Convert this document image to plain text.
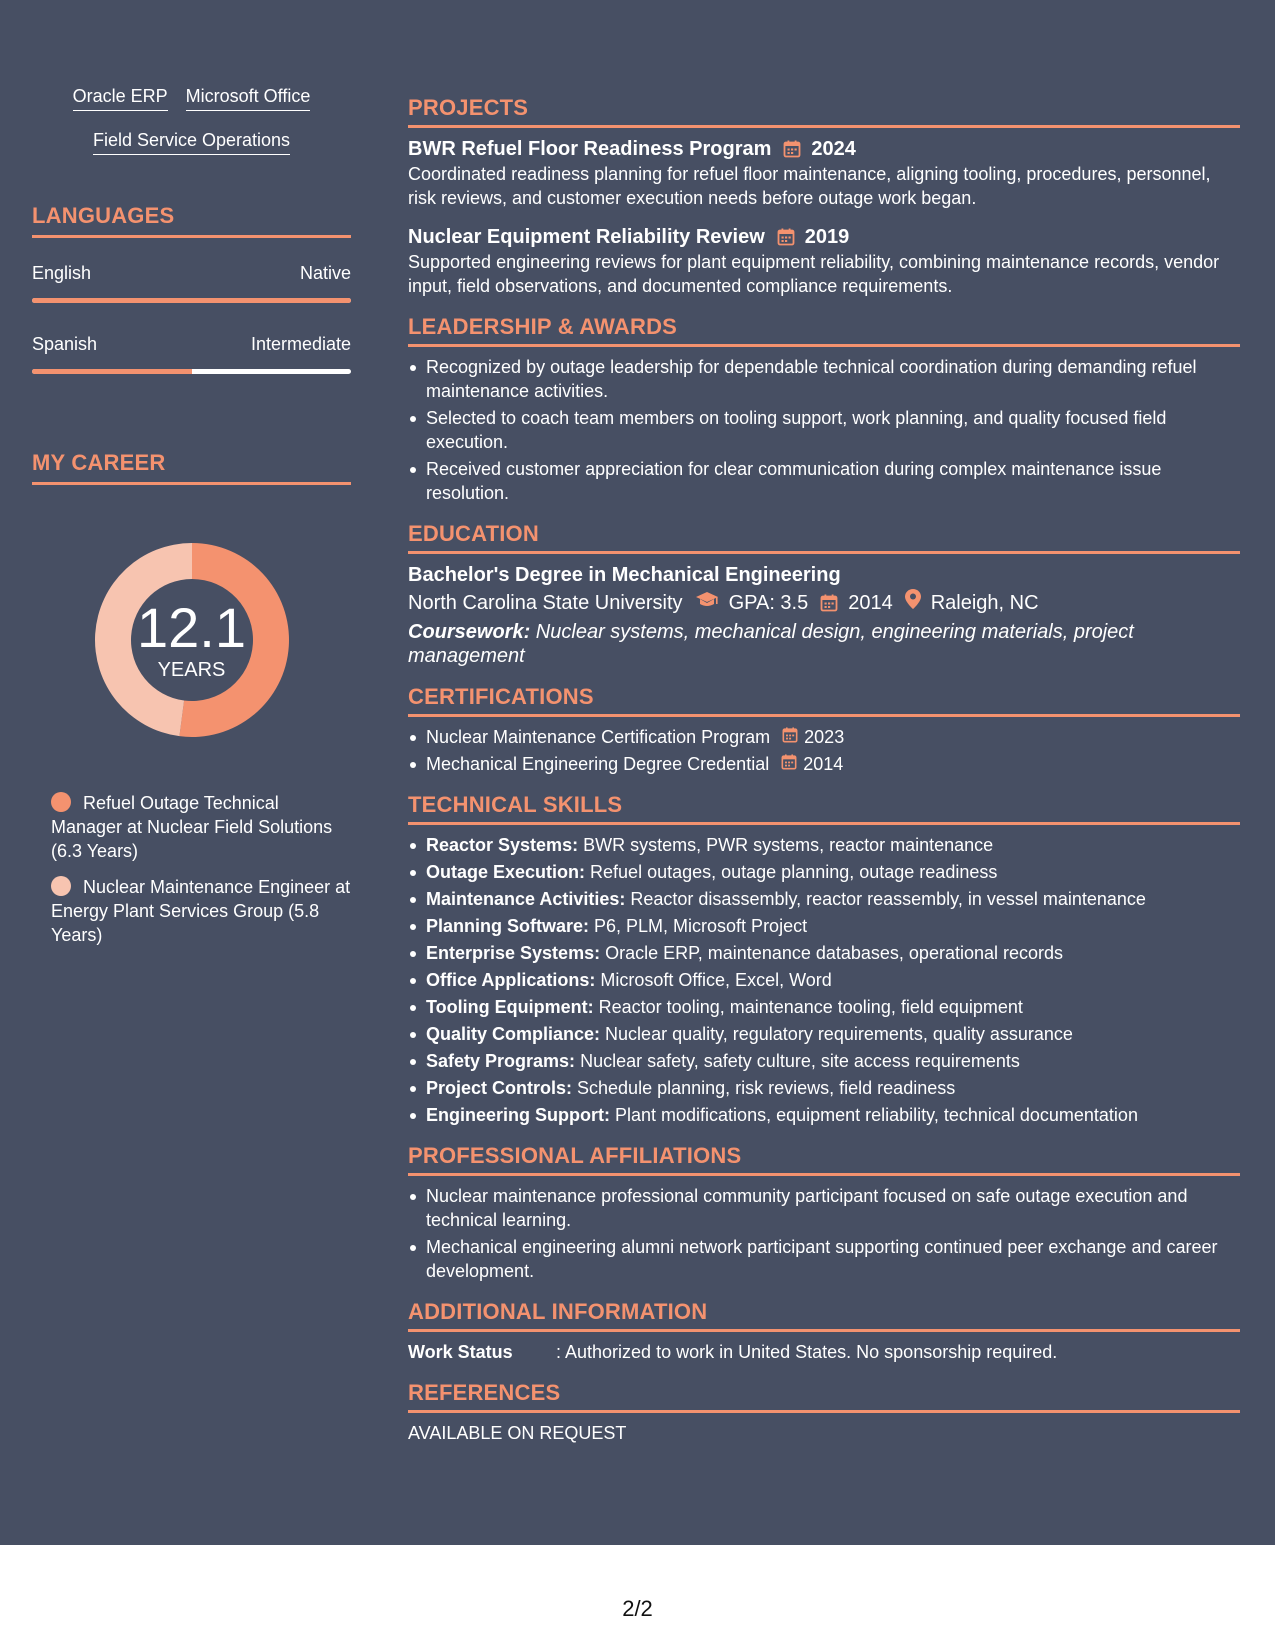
Oracle ERP Microsoft Office
Field Service Operations
LANGUAGES
English	Native
Spanish	Intermediate
MY CAREER
12.1
YEARS
Refuel Outage Technical Manager at Nuclear Field Solutions (6.3 Years)
Nuclear Maintenance Engineer at Energy Plant Services Group (5.8 Years)
PROJECTS
BWR Refuel Floor Readiness Program 2024
Coordinated readiness planning for refuel floor maintenance, aligning tooling, procedures, personnel, risk reviews, and customer execution needs before outage work began.
Nuclear Equipment Reliability Review 2019
Supported engineering reviews for plant equipment reliability, combining maintenance records, vendor input, field observations, and documented compliance requirements.
LEADERSHIP & AWARDS
Recognized by outage leadership for dependable technical coordination during demanding refuel maintenance activities.
Selected to coach team members on tooling support, work planning, and quality focused field execution.
Received customer appreciation for clear communication during complex maintenance issue resolution.
EDUCATION
Bachelor's Degree in Mechanical Engineering
North Carolina State University GPA: 3.5 2014 Raleigh, NC
Coursework: Nuclear systems, mechanical design, engineering materials, project management
CERTIFICATIONS
Nuclear Maintenance Certification Program 2023
Mechanical Engineering Degree Credential 2014
TECHNICAL SKILLS
Reactor Systems: BWR systems, PWR systems, reactor maintenance
Outage Execution: Refuel outages, outage planning, outage readiness
Maintenance Activities: Reactor disassembly, reactor reassembly, in vessel maintenance
Planning Software: P6, PLM, Microsoft Project
Enterprise Systems: Oracle ERP, maintenance databases, operational records
Office Applications: Microsoft Office, Excel, Word
Tooling Equipment: Reactor tooling, maintenance tooling, field equipment
Quality Compliance: Nuclear quality, regulatory requirements, quality assurance
Safety Programs: Nuclear safety, safety culture, site access requirements
Project Controls: Schedule planning, risk reviews, field readiness
Engineering Support: Plant modifications, equipment reliability, technical documentation
PROFESSIONAL AFFILIATIONS
Nuclear maintenance professional community participant focused on safe outage execution and technical learning.
Mechanical engineering alumni network participant supporting continued peer exchange and career development.
ADDITIONAL INFORMATION
Work Status	: Authorized to work in United States. No sponsorship required.
REFERENCES
AVAILABLE ON REQUEST
2/2
